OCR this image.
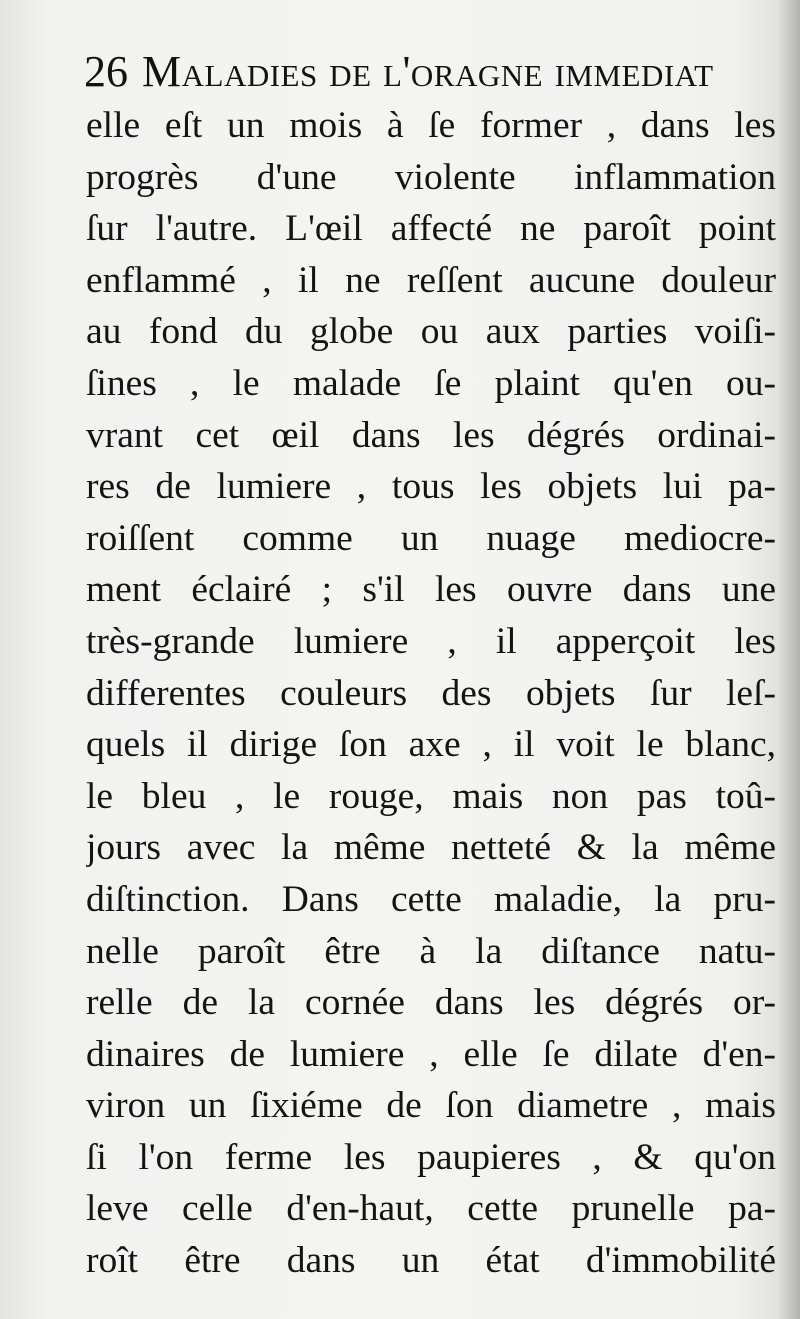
26 Maladies de l'oragne immediat
elle eſt un mois à ſe former , dans les
progrès d'une violente inflammation
ſur l'autre. L'œil affecté ne paroît point
enflammé , il ne reſſent aucune douleur
au fond du globe ou aux parties voiſi-
ſines , le malade ſe plaint qu'en ou-
vrant cet œil dans les dégrés ordinai-
res de lumiere , tous les objets lui pa-
roiſſent comme un nuage mediocre-
ment éclairé ; s'il les ouvre dans une
très-grande lumiere , il apperçoit les
differentes couleurs des objets ſur leſ-
quels il dirige ſon axe , il voit le blanc,
le bleu , le rouge, mais non pas toû-
jours avec la même netteté & la même
diſtinction. Dans cette maladie, la pru-
nelle paroît être à la diſtance natu-
relle de la cornée dans les dégrés or-
dinaires de lumiere , elle ſe dilate d'en-
viron un ſixiéme de ſon diametre , mais
ſi l'on ferme les paupieres , & qu'on
leve celle d'en-haut, cette prunelle pa-
roît être dans un état d'immobilité
